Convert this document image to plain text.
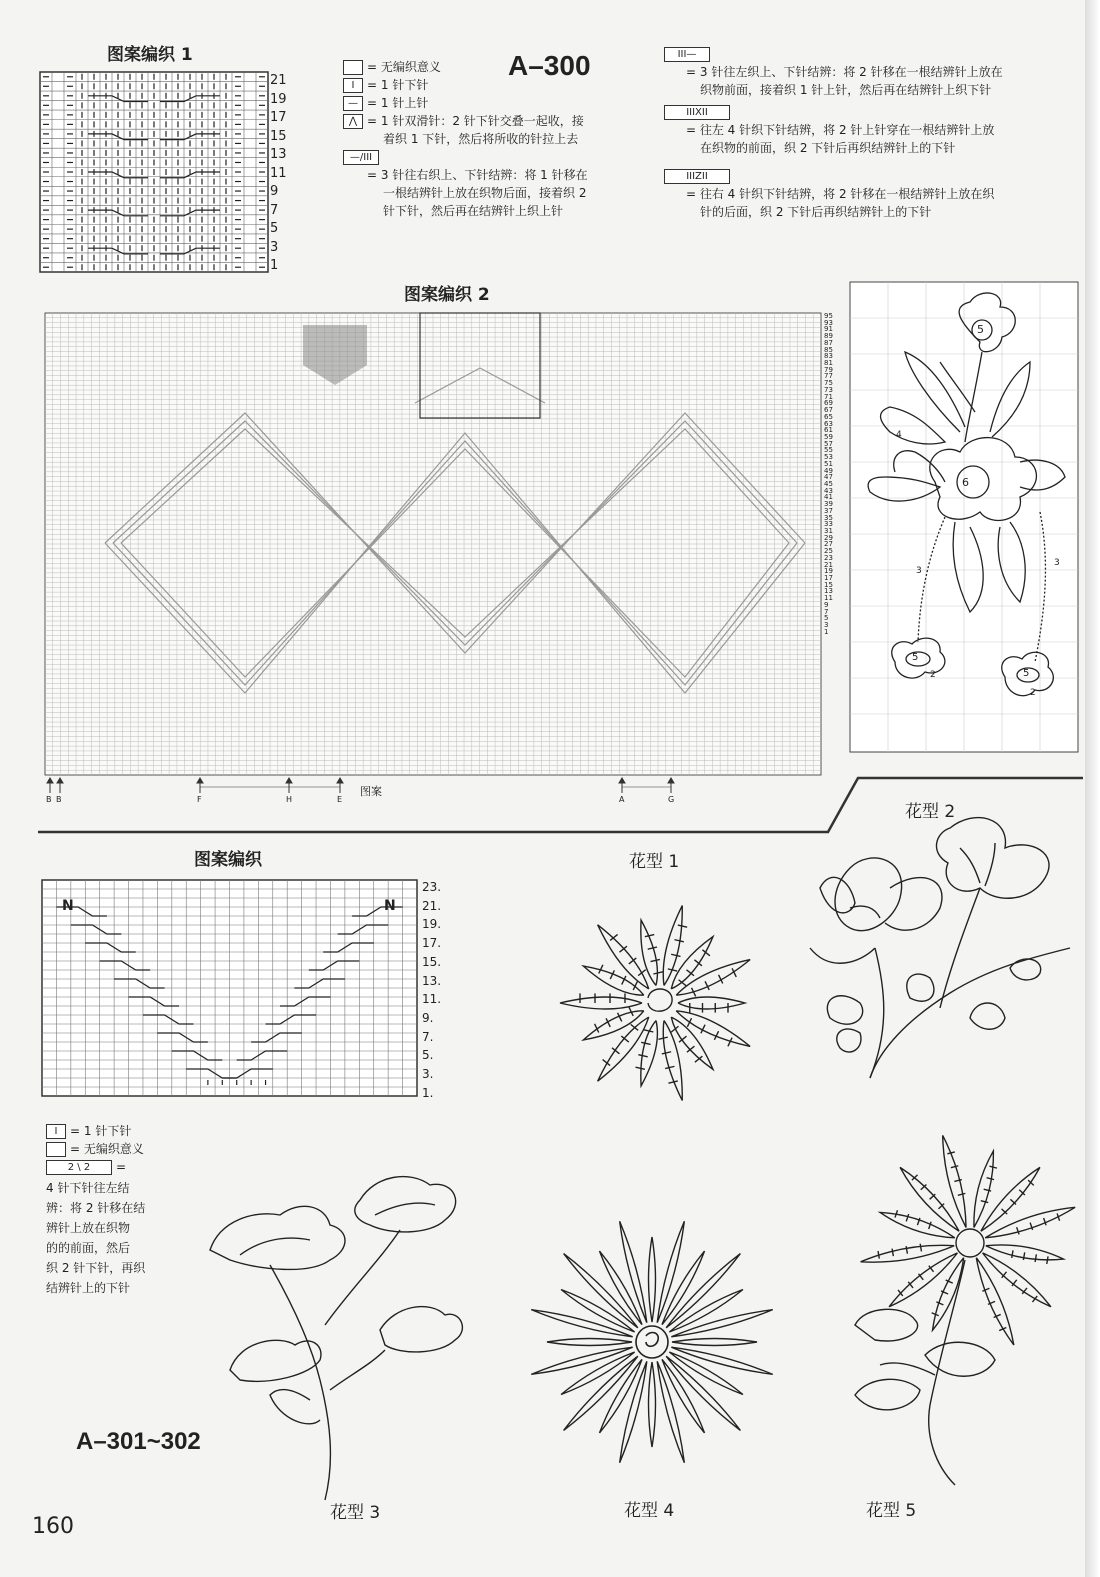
图案编织 1
21
19
17
15
13
11
9
7
5
3
1
= 无编织意义
I = 1 针下针
— = 1 针上针
⋀ = 1 针双滑针：2 针下针交叠一起收，接
着织 1 下针，然后将所收的针拉上去
—/III
= 3 针往右织上、下针结辨：将 1 针移在
一根结辨针上放在织物后面，接着织 2
针下针，然后再在结辨针上织上针
A–300	III—
= 3 针往左织上、下针结辨：将 2 针移在一根结辨针上放在
织物前面，接着织 1 针上针，然后再在结辨针上织下针
IIIXII
= 往左 4 针织下针结辨，将 2 针上针穿在一根结辨针上放
在织物的前面，织 2 下针后再织结辨针上的下针
IIIZII
= 往右 4 针织下针结辨，将 2 针移在一根结辨针上放在织
针的后面，织 2 下针后再织结辨针上的下针
图案编织 2
95
93
91
89
87
85
83
81
79
77
75
73
71
69
67
65
63
61
59
57
55
53
51
49
47
45
43
41
39
37
35
33
31
29
27
25
23
21
19
17
15
13
11
9
7
5
3
1
B B	F	H	E	A	G
图案
5
6
4
5
5
3
3
2
2
图案编织
N	N
23.
21.
19.
17.
15.
13.
11.
9.
7.
5.
3.
1.
I = 1 针下针
= 无编织意义
2 \ 2 =
4 针下针往左结
辨：将 2 针移在结
辨针上放在织物
的的前面，然后
织 2 针下针，再织
结辨针上的下针
花型 2
花型 1
花型 3	花型 4	花型 5
A–301~302
160
